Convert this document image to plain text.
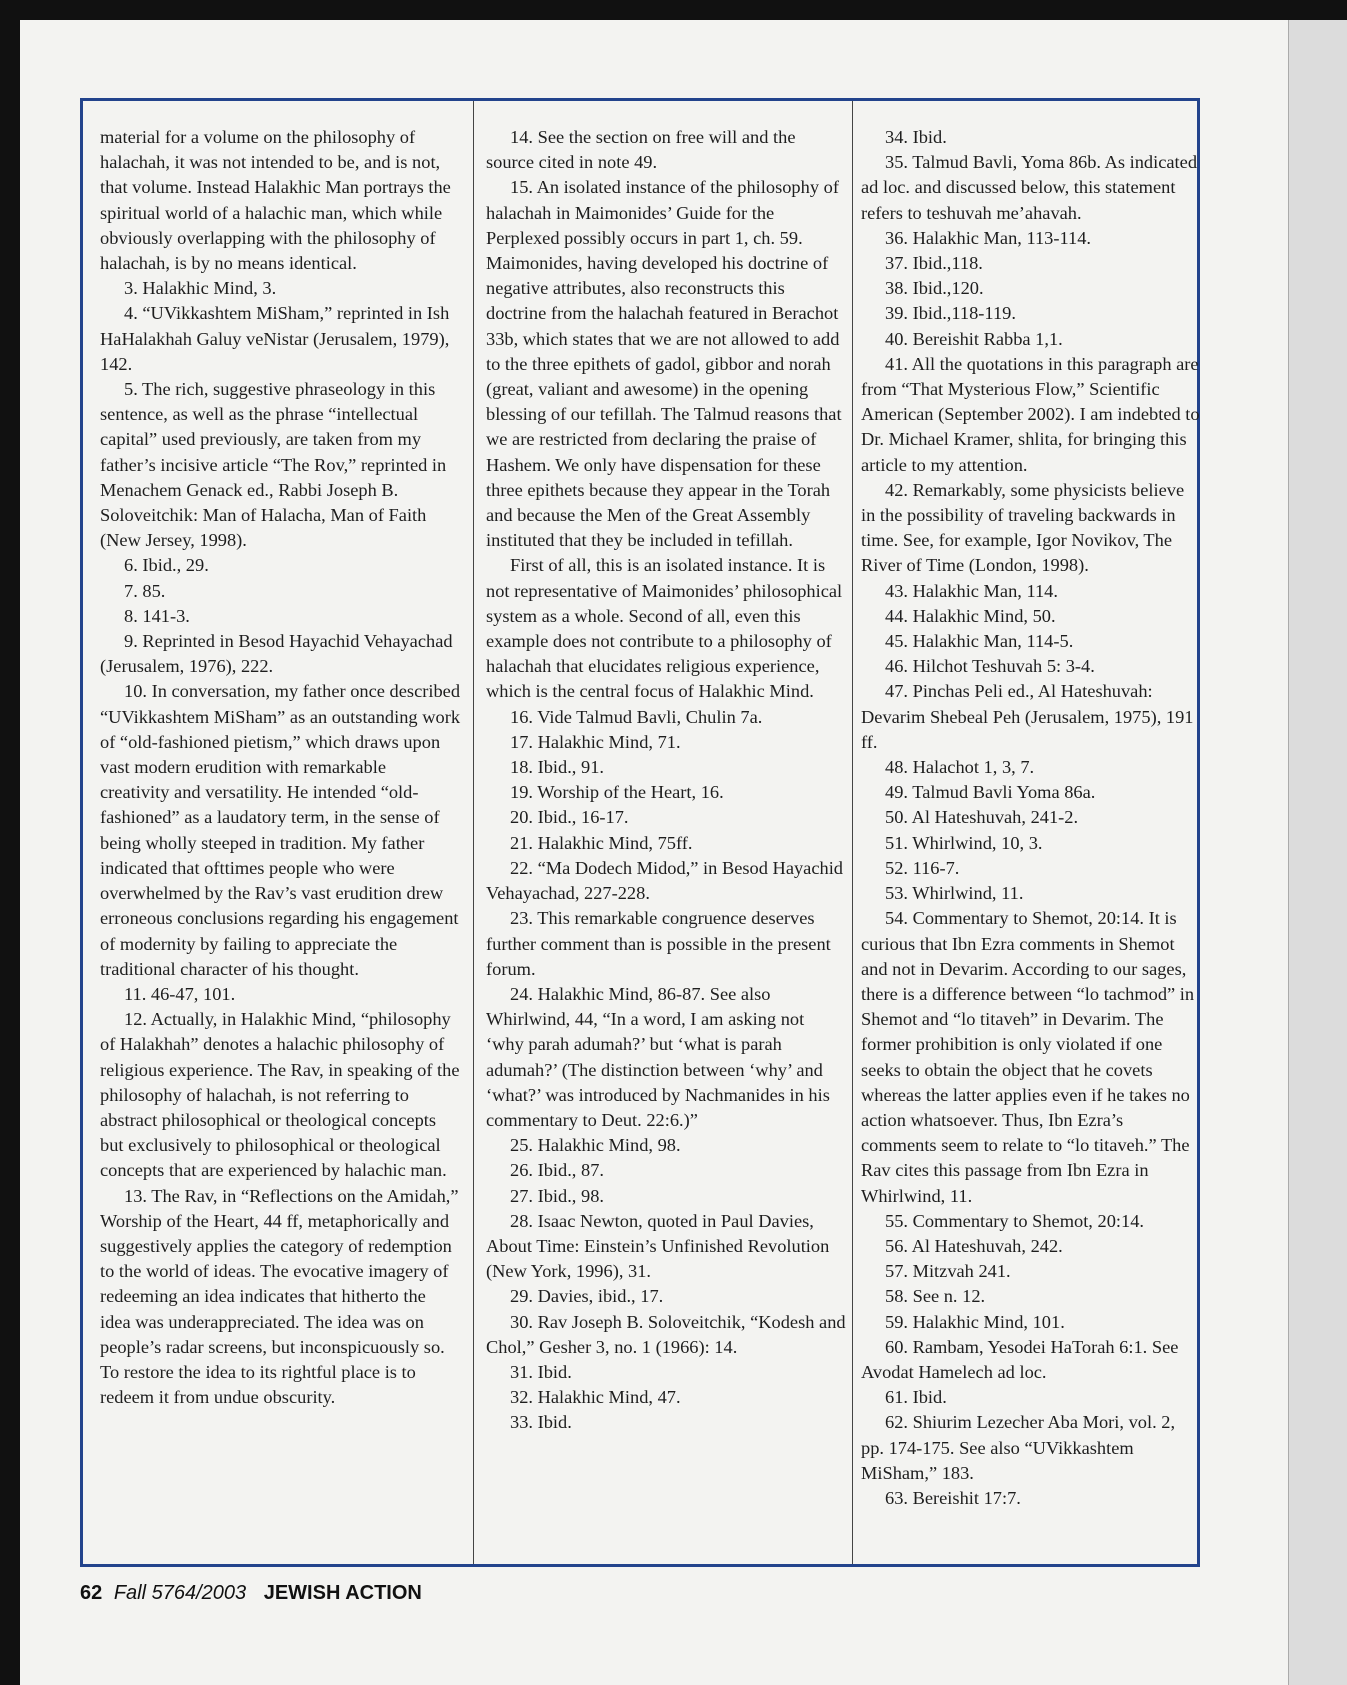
material for a volume on the philosophy of halachah, it was not intended to be, and is not, that volume. Instead Halakhic Man portrays the spiritual world of a halachic man, which while obviously overlapping with the philosophy of halachah, is by no means identical.

3. Halakhic Mind, 3.

4. “UVikkashtem MiSham,” reprinted in Ish HaHalakhah Galuy veNistar (Jerusalem, 1979), 142.

5. The rich, suggestive phraseology in this sentence, as well as the phrase “intellectual capital” used previously, are taken from my father’s incisive article “The Rov,” reprinted in Menachem Genack ed., Rabbi Joseph B. Soloveitchik: Man of Halacha, Man of Faith (New Jersey, 1998).

6. Ibid., 29.

7. 85.

8. 141-3.

9. Reprinted in Besod Hayachid Vehayachad (Jerusalem, 1976), 222.

10. In conversation, my father once described “UVikkashtem MiSham” as an outstanding work of “old-fashioned pietism,” which draws upon vast modern erudition with remarkable creativity and versatility. He intended “old-fashioned” as a laudatory term, in the sense of being wholly steeped in tradition. My father indicated that ofttimes people who were overwhelmed by the Rav’s vast erudition drew erroneous conclusions regarding his engagement of modernity by failing to appreciate the traditional character of his thought.

11. 46-47, 101.

12. Actually, in Halakhic Mind, “philosophy of Halakhah” denotes a halachic philosophy of religious experience. The Rav, in speaking of the philosophy of halachah, is not referring to abstract philosophical or theological concepts but exclusively to philosophical or theological concepts that are experienced by halachic man.

13. The Rav, in “Reflections on the Amidah,” Worship of the Heart, 44 ff, metaphorically and suggestively applies the category of redemption to the world of ideas. The evocative imagery of redeeming an idea indicates that hitherto the idea was underappreciated. The idea was on people’s radar screens, but inconspicuously so. To restore the idea to its rightful place is to redeem it from undue obscurity.

14. See the section on free will and the source cited in note 49.

15. An isolated instance of the philosophy of halachah in Maimonides’ Guide for the Perplexed possibly occurs in part 1, ch. 59. Maimonides, having developed his doctrine of negative attributes, also reconstructs this doctrine from the halachah featured in Berachot 33b, which states that we are not allowed to add to the three epithets of gadol, gibbor and norah (great, valiant and awesome) in the opening blessing of our tefillah. The Talmud reasons that we are restricted from declaring the praise of Hashem. We only have dispensation for these three epithets because they appear in the Torah and because the Men of the Great Assembly instituted that they be included in tefillah.

First of all, this is an isolated instance. It is not representative of Maimonides’ philosophical system as a whole. Second of all, even this example does not contribute to a philosophy of halachah that elucidates religious experience, which is the central focus of Halakhic Mind.

16. Vide Talmud Bavli, Chulin 7a.

17. Halakhic Mind, 71.

18. Ibid., 91.

19. Worship of the Heart, 16.

20. Ibid., 16-17.

21. Halakhic Mind, 75ff.

22. “Ma Dodech Midod,” in Besod Hayachid Vehayachad, 227-228.

23. This remarkable congruence deserves further comment than is possible in the present forum.

24. Halakhic Mind, 86-87. See also Whirlwind, 44, “In a word, I am asking not ‘why parah adumah?’ but ‘what is parah adumah?’ (The distinction between ‘why’ and ‘what?’ was introduced by Nachmanides in his commentary to Deut. 22:6.)”

25. Halakhic Mind, 98.

26. Ibid., 87.

27. Ibid., 98.

28. Isaac Newton, quoted in Paul Davies, About Time: Einstein’s Unfinished Revolution (New York, 1996), 31.

29. Davies, ibid., 17.

30. Rav Joseph B. Soloveitchik, “Kodesh and Chol,” Gesher 3, no. 1 (1966): 14.

31. Ibid.

32. Halakhic Mind, 47.

33. Ibid.

34. Ibid.

35. Talmud Bavli, Yoma 86b. As indicated ad loc. and discussed below, this statement refers to teshuvah me’ahavah.

36. Halakhic Man, 113-114.

37. Ibid.,118.

38. Ibid.,120.

39. Ibid.,118-119.

40. Bereishit Rabba 1,1.

41. All the quotations in this paragraph are from “That Mysterious Flow,” Scientific American (September 2002). I am indebted to Dr. Michael Kramer, shlita, for bringing this article to my attention.

42. Remarkably, some physicists believe in the possibility of traveling backwards in time. See, for example, Igor Novikov, The River of Time (London, 1998).

43. Halakhic Man, 114.

44. Halakhic Mind, 50.

45. Halakhic Man, 114-5.

46. Hilchot Teshuvah 5: 3-4.

47. Pinchas Peli ed., Al Hateshuvah: Devarim Shebeal Peh (Jerusalem, 1975), 191 ff.

48. Halachot 1, 3, 7.

49. Talmud Bavli Yoma 86a.

50. Al Hateshuvah, 241-2.

51. Whirlwind, 10, 3.

52. 116-7.

53. Whirlwind, 11.

54. Commentary to Shemot, 20:14. It is curious that Ibn Ezra comments in Shemot and not in Devarim. According to our sages, there is a difference between “lo tachmod” in Shemot and “lo titaveh” in Devarim. The former prohibition is only violated if one seeks to obtain the object that he covets whereas the latter applies even if he takes no action whatsoever. Thus, Ibn Ezra’s comments seem to relate to “lo titaveh.” The Rav cites this passage from Ibn Ezra in Whirlwind, 11.

55. Commentary to Shemot, 20:14.

56. Al Hateshuvah, 242.

57. Mitzvah 241.

58. See n. 12.

59. Halakhic Mind, 101.

60. Rambam, Yesodei HaTorah 6:1. See Avodat Hamelech ad loc.

61. Ibid.

62. Shiurim Lezecher Aba Mori, vol. 2, pp. 174-175. See also “UVikkashtem MiSham,” 183.

63. Bereishit 17:7.

62 Fall 5764/2003 JEWISH ACTION
